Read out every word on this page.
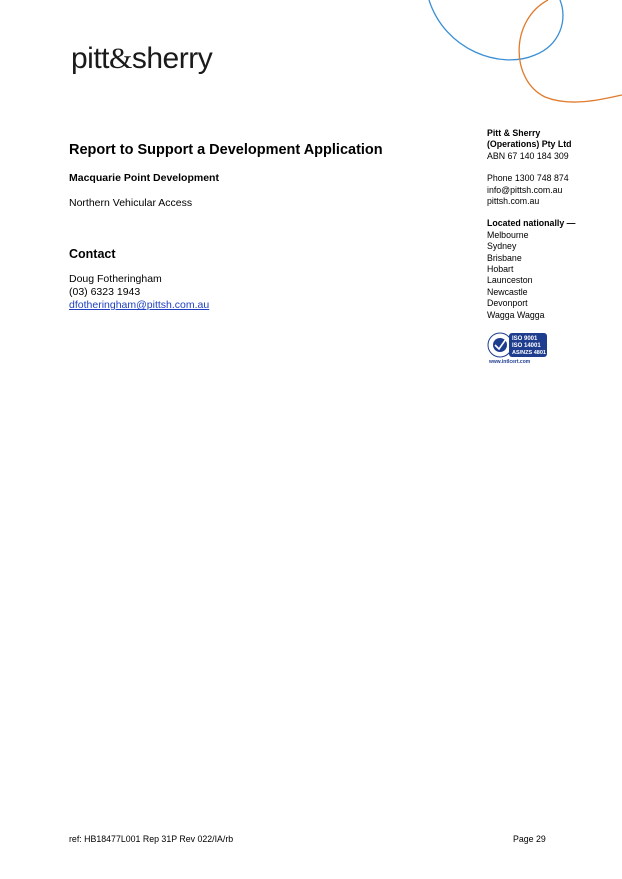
pitt&sherry
Report to Support a Development Application
Macquarie Point Development
Northern Vehicular Access
Contact
Doug Fotheringham
(03) 6323 1943
dfotheringham@pittsh.com.au
Pitt & Sherry
(Operations) Pty Ltd
ABN 67 140 184 309
Phone 1300 748 874
info@pittsh.com.au
pittsh.com.au
Located nationally —
Melbourne
Sydney
Brisbane
Hobart
Launceston
Newcastle
Devonport
Wagga Wagga
ISO 9001
ISO 14001
AS/NZS 4801
www.intlcert.com
ref: HB18477L001 Rep 31P Rev 022/IA/rb	Page 29
